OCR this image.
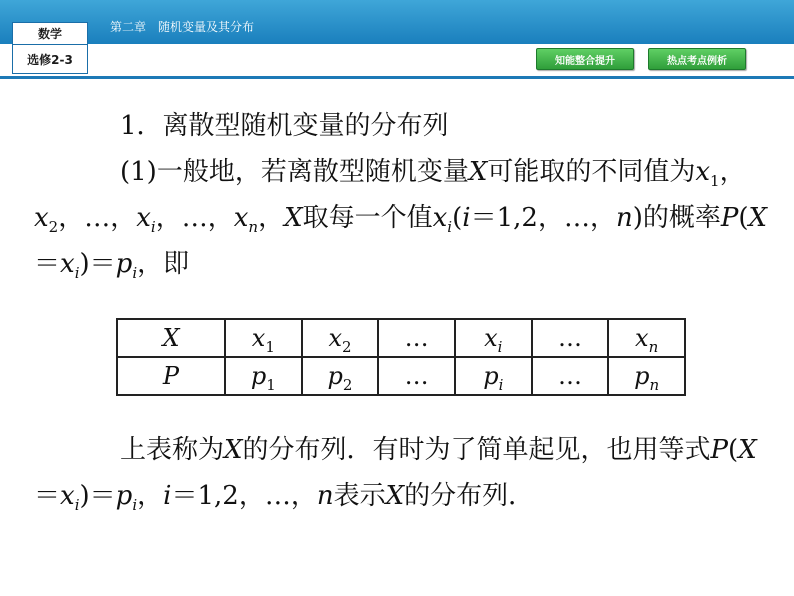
数学
选修2-3
第二章　随机变量及其分布
知能整合提升	热点考点例析
1．离散型随机变量的分布列
(1)一般地，若离散型随机变量X可能取的不同值为$x_1$，
$x_2$，…，$x_i$，…，$x_n$，X取每一个值$x_i(i=1,2$，…，n)的概率P(X
$=x_i)=p_i$，即
X	$x_1$	$x_2$	…	$x_i$	…	$x_n$
P	$p_1$	$p_2$	…	$p_i$	…	$p_n$
上表称为X的分布列．有时为了简单起见，也用等式P(X
$=x_i)=p_i$，i＝1,2，…，n表示X的分布列．
